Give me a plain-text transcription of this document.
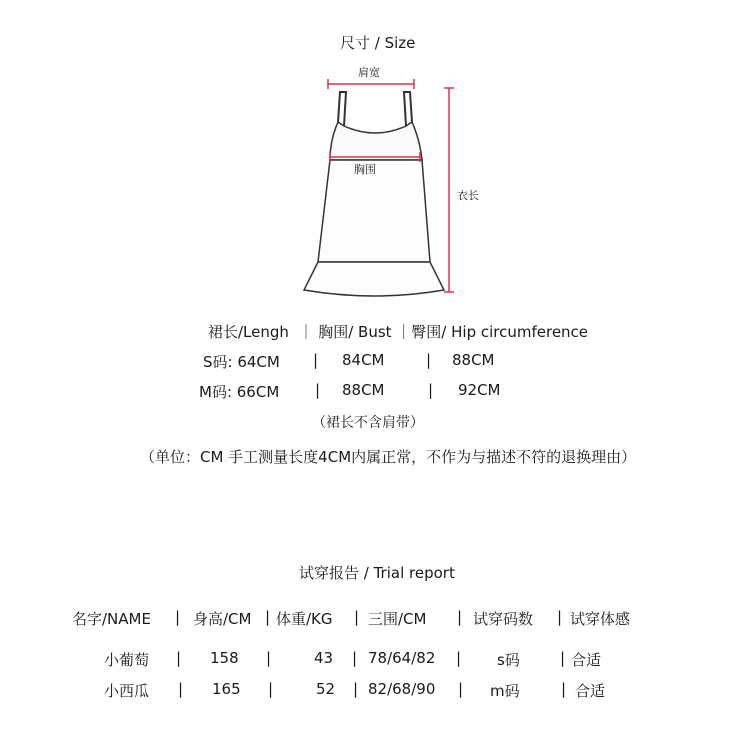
尺寸 / Size
肩宽
胸围
衣长
裙长/Lengh  ｜ 胸围/ Bust ｜臀围/ Hip circumference
S码: 64CM | 84CM	| 88CM
M码: 66CM | 88CM	| 92CM
（裙长不含肩带）
（单位：CM 手工测量长度4CM内属正常，不作为与描述不符的退换理由）
试穿报告 / Trial report
名字/NAME | 身高/CM | 体重/KG | 三围/CM | 试穿码数 | 试穿体感
小葡萄 | 158 |	43 | 78/64/82 | s码	| 合适
小西瓜 | 165 |	52 | 82/68/90 | m码	| 合适
